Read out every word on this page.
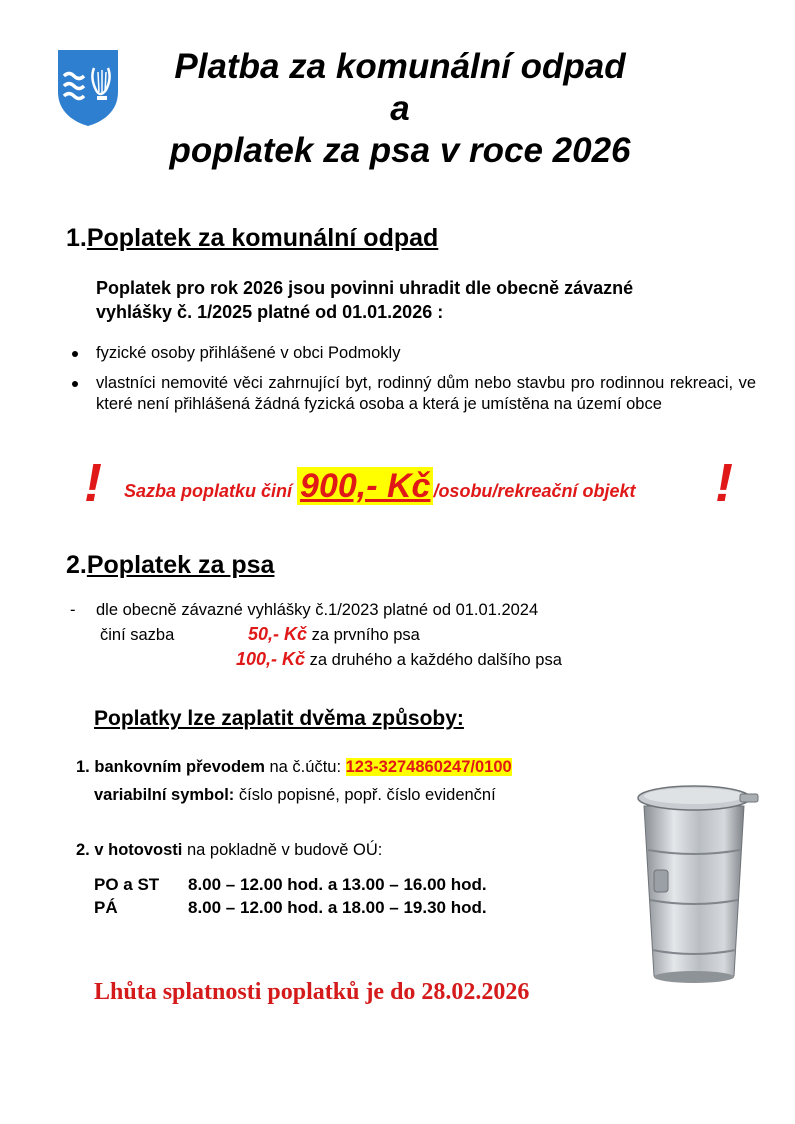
Platba za komunální odpad
a
poplatek za psa v roce 2026
1.Poplatek za komunální odpad
Poplatek pro rok 2026 jsou povinni uhradit dle obecně závazné
vyhlášky č. 1/2025 platné od 01.01.2026 :
fyzické osoby přihlášené v obci Podmokly
vlastníci nemovité věci zahrnující byt, rodinný dům nebo stavbu pro rodinnou rekreaci, ve které není přihlášená žádná fyzická osoba a která je umístěna na území obce
! Sazba poplatku činí 900,- Kč /osobu/rekreační objekt !
2.Poplatek za psa
- dle obecně závazné vyhlášky č.1/2023 platné od 01.01.2024
činí sazba	50,- Kč za prvního psa
100,- Kč za druhého a každého dalšího psa
Poplatky lze zaplatit dvěma způsoby:
1. bankovním převodem na č.účtu: 123-3274860247/0100
variabilní symbol: číslo popisné, popř. číslo evidenční
2. v hotovosti na pokladně v budově OÚ:
PO a ST	8.00 – 12.00 hod. a 13.00 – 16.00 hod.
PÁ	8.00 – 12.00 hod. a 18.00 – 19.30 hod.
Lhůta splatnosti poplatků je do 28.02.2026
